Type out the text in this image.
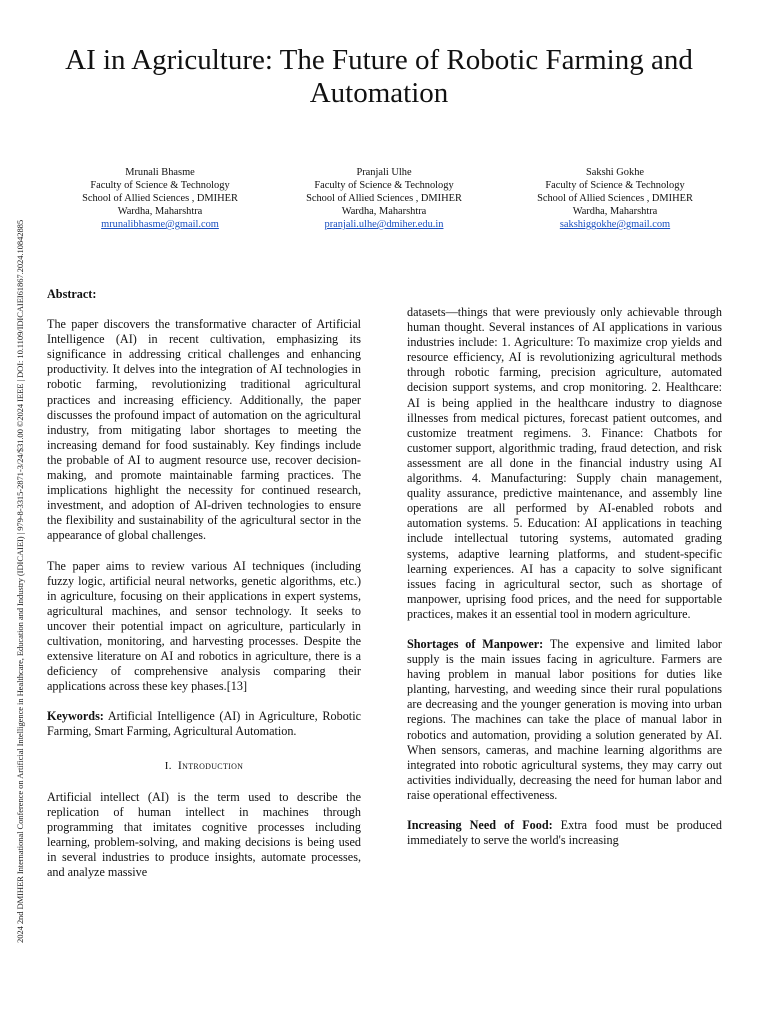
2024 2nd DMIHER International Conference on Artificial Intelligence in Healthcare, Education and Industry (IDICAIEI) | 979-8-3315-2871-3/24/$31.00 ©2024 IEEE | DOI: 10.1109/IDICAIEI61867.2024.10842885
AI in Agriculture: The Future of Robotic Farming and Automation
Mrunali Bhasme
Faculty of Science & Technology
School of Allied Sciences , DMIHER
Wardha, Maharshtra
mrunalibhasme@gmail.com
Pranjali Ulhe
Faculty of Science & Technology
School of Allied Sciences , DMIHER
Wardha, Maharshtra
pranjali.ulhe@dmiher.edu.in
Sakshi Gokhe
Faculty of Science & Technology
School of Allied Sciences , DMIHER
Wardha, Maharshtra
sakshiggokhe@gmail.com

Abstract:

The paper discovers the transformative character of Artificial Intelligence (AI) in recent cultivation, emphasizing its significance in addressing critical challenges and enhancing productivity. It delves into the integration of AI technologies in robotic farming, revolutionizing traditional agricultural practices and increasing efficiency. Additionally, the paper discusses the profound impact of automation on the agricultural industry, from mitigating labor shortages to meeting the increasing demand for food sustainably. Key findings include the probable of AI to augment resource use, recover decision-making, and promote maintainable farming practices. The implications highlight the necessity for continued research, investment, and adoption of AI-driven technologies to ensure the flexibility and sustainability of the agricultural sector in the appearance of global challenges.

The paper aims to review various AI techniques (including fuzzy logic, artificial neural networks, genetic algorithms, etc.) in agriculture, focusing on their applications in expert systems, agricultural machines, and sensor technology. It seeks to uncover their potential impact on agriculture, particularly in cultivation, monitoring, and harvesting processes. Despite the extensive literature on AI and robotics in agriculture, there is a deficiency of comprehensive analysis comparing their applications across these key phases.[13]

Keywords: Artificial Intelligence (AI) in Agriculture, Robotic Farming, Smart Farming, Agricultural Automation.

I. Introduction

Artificial intellect (AI) is the term used to describe the replication of human intellect in machines through programming that imitates cognitive processes including learning, problem-solving, and making decisions is being used in several industries to produce insights, automate processes, and analyze massive

datasets—things that were previously only achievable through human thought. Several instances of AI applications in various industries include: 1. Agriculture: To maximize crop yields and resource efficiency, AI is revolutionizing agricultural methods through robotic farming, precision agriculture, automated decision support systems, and crop monitoring. 2. Healthcare: AI is being applied in the healthcare industry to diagnose illnesses from medical pictures, forecast patient outcomes, and customize treatment regimens. 3. Finance: Chatbots for customer support, algorithmic trading, fraud detection, and risk assessment are all done in the financial industry using AI algorithms. 4. Manufacturing: Supply chain management, quality assurance, predictive maintenance, and assembly line operations are all performed by AI-enabled robots and automation systems. 5. Education: AI applications in teaching include intellectual tutoring systems, automated grading systems, adaptive learning platforms, and student-specific learning experiences. AI has a capacity to solve significant issues facing in agricultural sector, such as shortage of manpower, uprising food prices, and the need for supportable practices, makes it an essential tool in modern agriculture.

Shortages of Manpower: The expensive and limited labor supply is the main issues facing in agriculture. Farmers are having problem in manual labor positions for duties like planting, harvesting, and weeding since their rural populations are decreasing and the younger generation is moving into urban regions. The machines can take the place of manual labor in robotics and automation, providing a solution generated by AI. When sensors, cameras, and machine learning algorithms are integrated into robotic agricultural systems, they may carry out activities individually, decreasing the need for human labor and raise operational effectiveness.

Increasing Need of Food: Extra food must be produced immediately to serve the world's increasing
